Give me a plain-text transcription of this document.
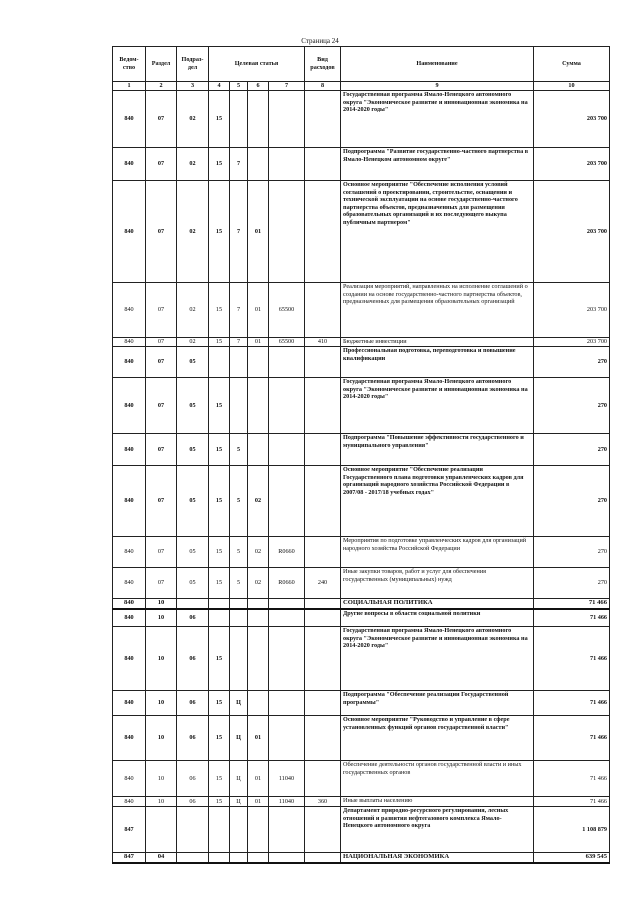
Страница 24
Ведом-ство	Раздел	Подраз-дел	Целевая статья				Вид расходов	Наименование	Сумма
1	2	3	4	5	6	7	8	9	10
840	07	02	15					Государственная программа Ямало-Ненецкого автономного округа "Экономическое развитие и инновационная экономика на 2014-2020 годы"	203 700
840	07	02	15	7				Подпрограмма "Развитие государственно-частного партнерства в Ямало-Ненецком автономном округе"	203 700
840	07	02	15	7	01			Основное мероприятие "Обеспечение исполнения условий соглашений о проектировании, строительстве, оснащении и технической эксплуатации на основе государственно-частного партнерства объектов, предназначенных для размещения образовательных организаций и их последующего выкупа публичным партнером"	203 700
840	07	02	15	7	01	65500		Реализация мероприятий, направленных на исполнение соглашений о создании на основе государственно-частного партнерства объектов, предназначенных для размещения образовательных организаций	203 700
840	07	02	15	7	01	65500	410	Бюджетные инвестиции	203 700
840	07	05						Профессиональная подготовка, переподготовка и повышение квалификации	270
840	07	05	15					Государственная программа Ямало-Ненецкого автономного округа "Экономическое развитие и инновационная экономика на 2014-2020 годы"	270
840	07	05	15	5				Подпрограмма "Повышение эффективности государственного и муниципального управления"	270
840	07	05	15	5	02			Основное мероприятие "Обеспечение реализации Государственного плана подготовки управленческих кадров для организаций народного хозяйства Российской Федерации в 2007/08 - 2017/18 учебных годах"	270
840	07	05	15	5	02	R0660		Мероприятия по подготовке управленческих кадров для организаций народного хозяйства Российской Федерации	270
840	07	05	15	5	02	R0660	240	Иные закупки товаров, работ и услуг для обеспечения государственных (муниципальных) нужд	270
840	10							СОЦИАЛЬНАЯ ПОЛИТИКА	71 466
840	10	06						Другие вопросы в области социальной политики	71 466
840	10	06	15					Государственная программа Ямало-Ненецкого автономного округа "Экономическое развитие и инновационная экономика на 2014-2020 годы"	71 466
840	10	06	15	Ц				Подпрограмма "Обеспечение реализации Государственной программы"	71 466
840	10	06	15	Ц	01			Основное мероприятие "Руководство и управление в сфере установленных функций органов государственной власти"	71 466
840	10	06	15	Ц	01	11040		Обеспечение деятельности органов государственной власти и иных государственных органов	71 466
840	10	06	15	Ц	01	11040	360	Иные выплаты населению	71 466
847								Департамент природно-ресурсного регулирования, лесных отношений и развития нефтегазового комплекса Ямало-Ненецкого автономного округа	1 108 879
847	04							НАЦИОНАЛЬНАЯ ЭКОНОМИКА	639 545
